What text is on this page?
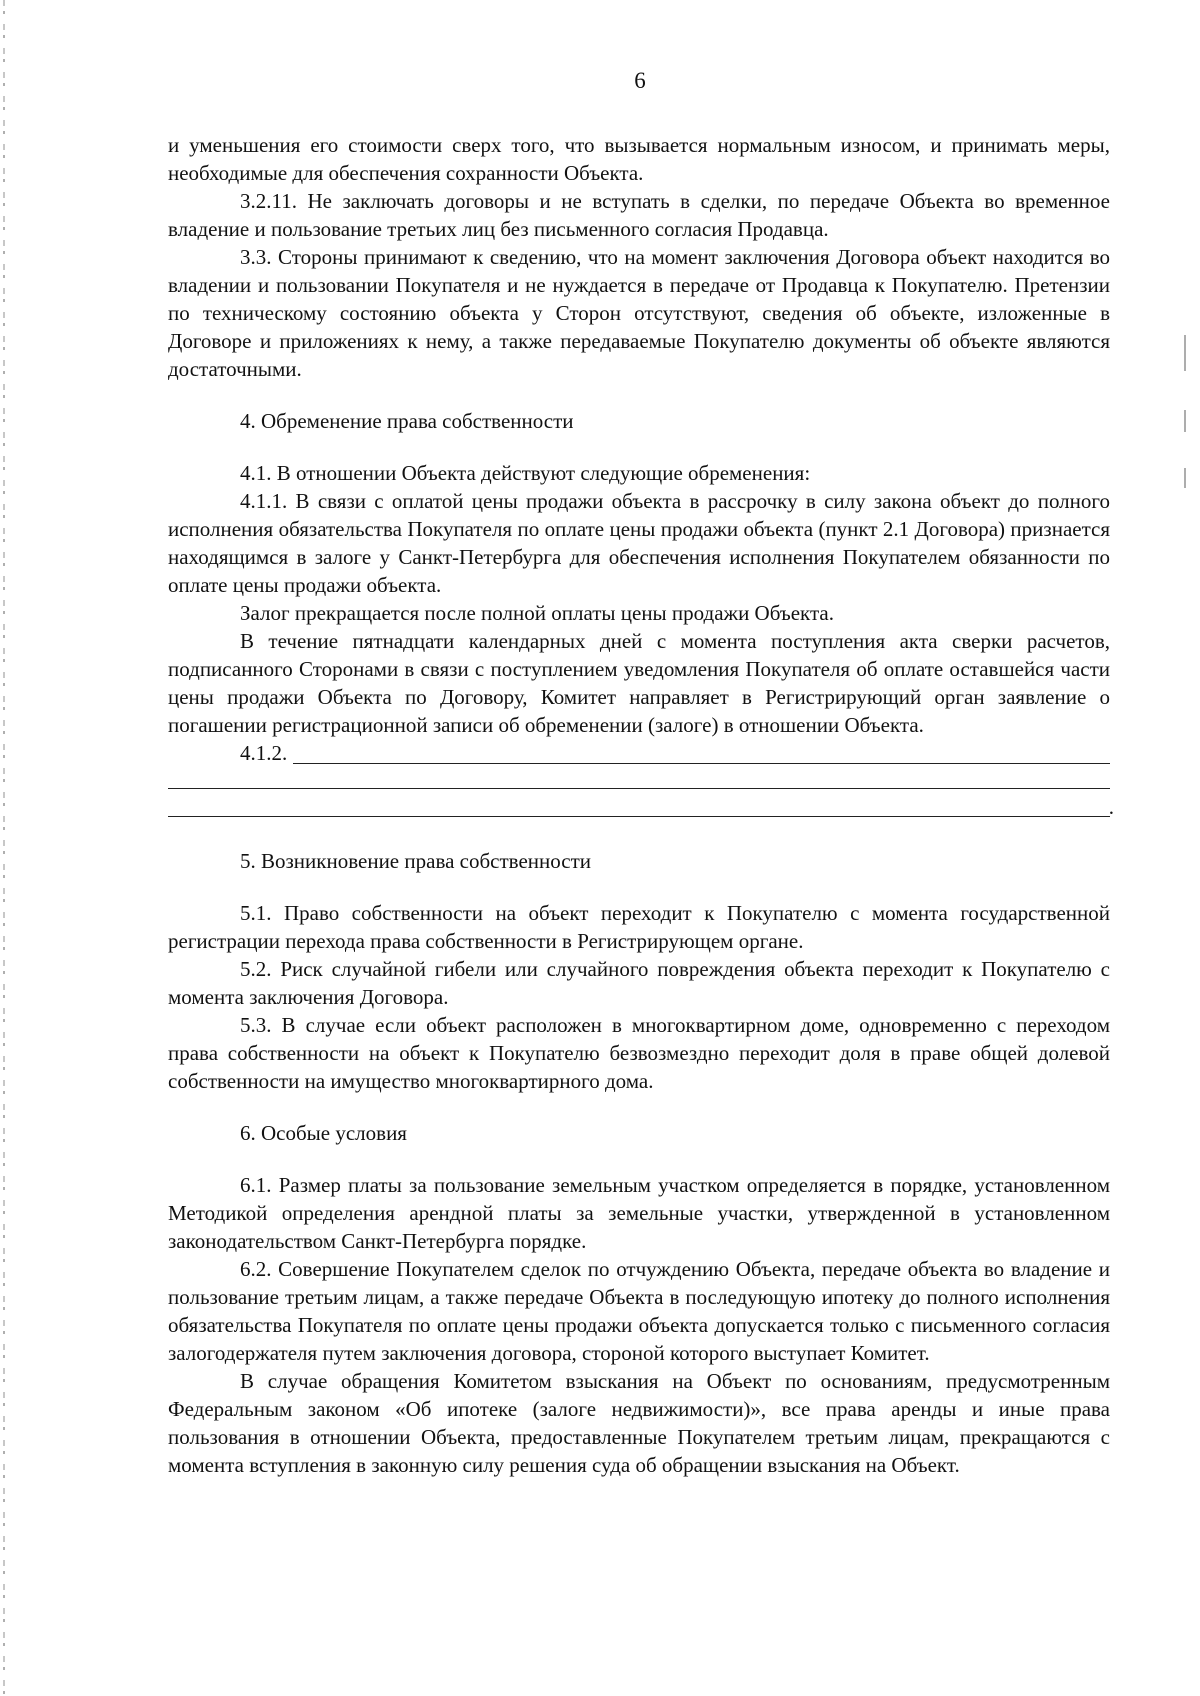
6

и уменьшения его стоимости сверх того, что вызывается нормальным износом, и принимать меры, необходимые для обеспечения сохранности Объекта.

3.2.11. Не заключать договоры и не вступать в сделки, по передаче Объекта во временное владение и пользование третьих лиц без письменного согласия Продавца.

3.3. Стороны принимают к сведению, что на момент заключения Договора объект находится во владении и пользовании Покупателя и не нуждается в передаче от Продавца к Покупателю. Претензии по техническому состоянию объекта у Сторон отсутствуют, сведения об объекте, изложенные в Договоре и приложениях к нему, а также передаваемые Покупателю документы об объекте являются достаточными.

4. Обременение права собственности

4.1. В отношении Объекта действуют следующие обременения:

4.1.1. В связи с оплатой цены продажи объекта в рассрочку в силу закона объект до полного исполнения обязательства Покупателя по оплате цены продажи объекта (пункт 2.1 Договора) признается находящимся в залоге у Санкт-Петербурга для обеспечения исполнения Покупателем обязанности по оплате цены продажи объекта.

Залог прекращается после полной оплаты цены продажи Объекта.

В течение пятнадцати календарных дней с момента поступления акта сверки расчетов, подписанного Сторонами в связи с поступлением уведомления Покупателя об оплате оставшейся части цены продажи Объекта по Договору, Комитет направляет в Регистрирующий орган заявление о погашении регистрационной записи об обременении (залоге) в отношении Объекта.

4.1.2.
.

5. Возникновение права собственности

5.1. Право собственности на объект переходит к Покупателю с момента государственной регистрации перехода права собственности в Регистрирующем органе.

5.2. Риск случайной гибели или случайного повреждения объекта переходит к Покупателю с момента заключения Договора.

5.3. В случае если объект расположен в многоквартирном доме, одновременно с переходом права собственности на объект к Покупателю безвозмездно переходит доля в праве общей долевой собственности на имущество многоквартирного дома.

6. Особые условия

6.1. Размер платы за пользование земельным участком определяется в порядке, установленном Методикой определения арендной платы за земельные участки, утвержденной в установленном законодательством Санкт-Петербурга порядке.

6.2. Совершение Покупателем сделок по отчуждению Объекта, передаче объекта во владение и пользование третьим лицам, а также передаче Объекта в последующую ипотеку до полного исполнения обязательства Покупателя по оплате цены продажи объекта допускается только с письменного согласия залогодержателя путем заключения договора, стороной которого выступает Комитет.

В случае обращения Комитетом взыскания на Объект по основаниям, предусмотренным Федеральным законом «Об ипотеке (залоге недвижимости)», все права аренды и иные права пользования в отношении Объекта, предоставленные Покупателем третьим лицам, прекращаются с момента вступления в законную силу решения суда об обращении взыскания на Объект.
